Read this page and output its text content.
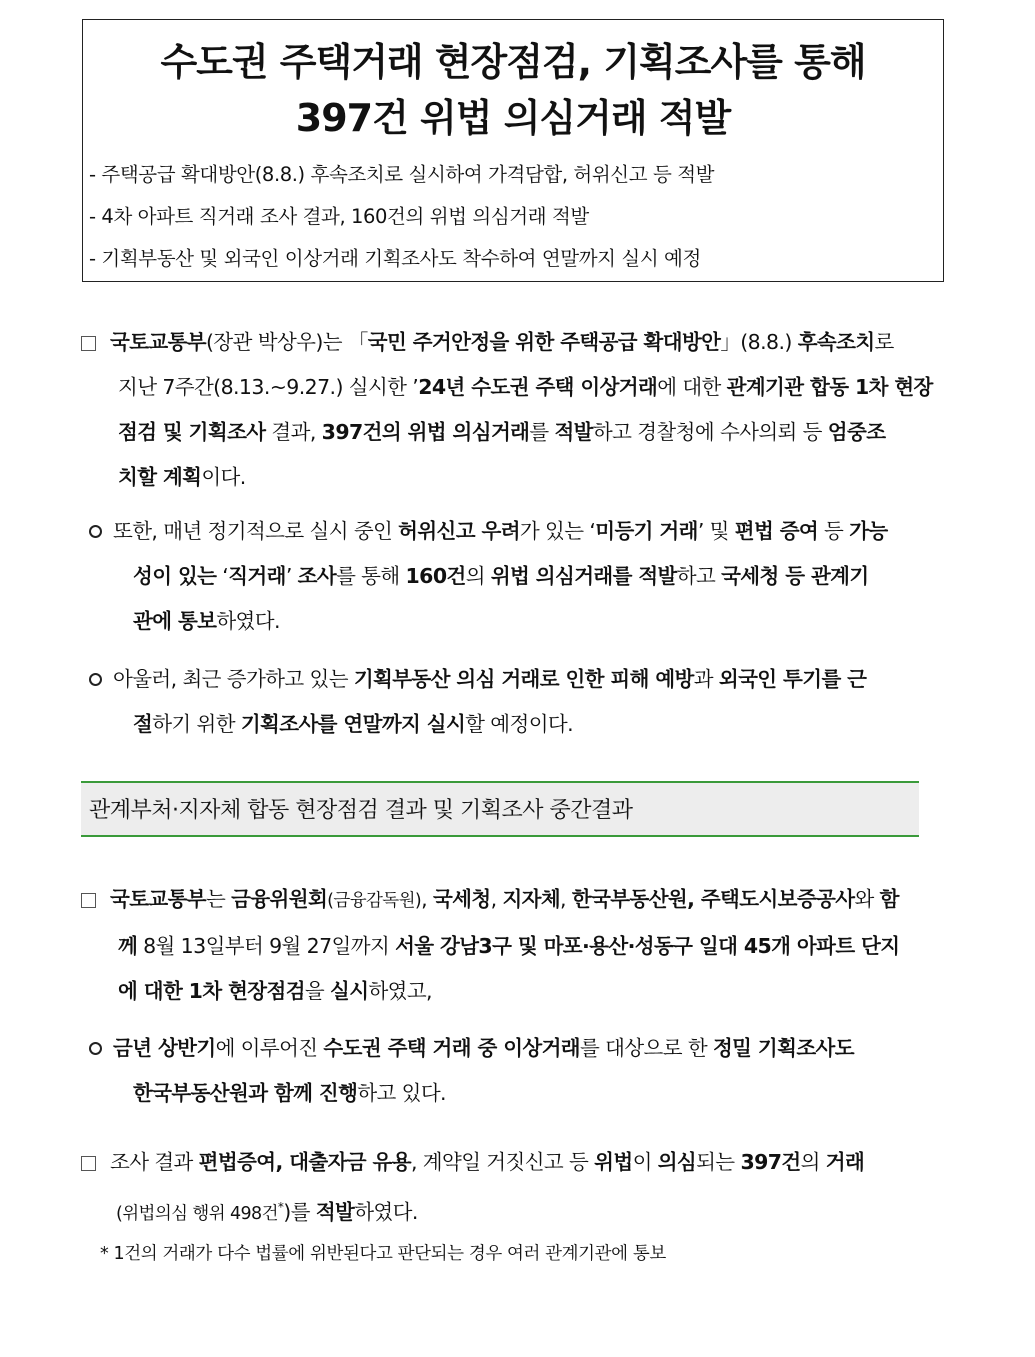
수도권 주택거래 현장점검, 기획조사를 통해
397건 위법 의심거래 적발
- 주택공급 확대방안(8.8.) 후속조치로 실시하여 가격담합, 허위신고 등 적발
- 4차 아파트 직거래 조사 결과, 160건의 위법 의심거래 적발
- 기획부동산 및 외국인 이상거래 기획조사도 착수하여 연말까지 실시 예정
국토교통부(장관 박상우)는 「국민 주거안정을 위한 주택공급 확대방안」(8.8.) 후속조치로
지난 7주간(8.13.~9.27.) 실시한 ’24년 수도권 주택 이상거래에 대한 관계기관 합동 1차 현장
점검 및 기획조사 결과, 397건의 위법 의심거래를 적발하고 경찰청에 수사의뢰 등 엄중조
치할 계획이다.
또한, 매년 정기적으로 실시 중인 허위신고 우려가 있는 ‘미등기 거래’ 및 편법 증여 등 가능
성이 있는 ‘직거래’ 조사를 통해 160건의 위법 의심거래를 적발하고 국세청 등 관계기
관에 통보하였다.
아울러, 최근 증가하고 있는 기획부동산 의심 거래로 인한 피해 예방과 외국인 투기를 근
절하기 위한 기획조사를 연말까지 실시할 예정이다.
관계부처·지자체 합동 현장점검 결과 및 기획조사 중간결과
국토교통부는 금융위원회(금융감독원), 국세청, 지자체, 한국부동산원, 주택도시보증공사와 함
께 8월 13일부터 9월 27일까지 서울 강남3구 및 마포·용산·성동구 일대 45개 아파트 단지
에 대한 1차 현장점검을 실시하였고,
금년 상반기에 이루어진 수도권 주택 거래 중 이상거래를 대상으로 한 정밀 기획조사도
한국부동산원과 함께 진행하고 있다.
조사 결과 편법증여, 대출자금 유용, 계약일 거짓신고 등 위법이 의심되는 397건의 거래
(위법의심 행위 498건*)를 적발하였다.
* 1건의 거래가 다수 법률에 위반된다고 판단되는 경우 여러 관계기관에 통보
